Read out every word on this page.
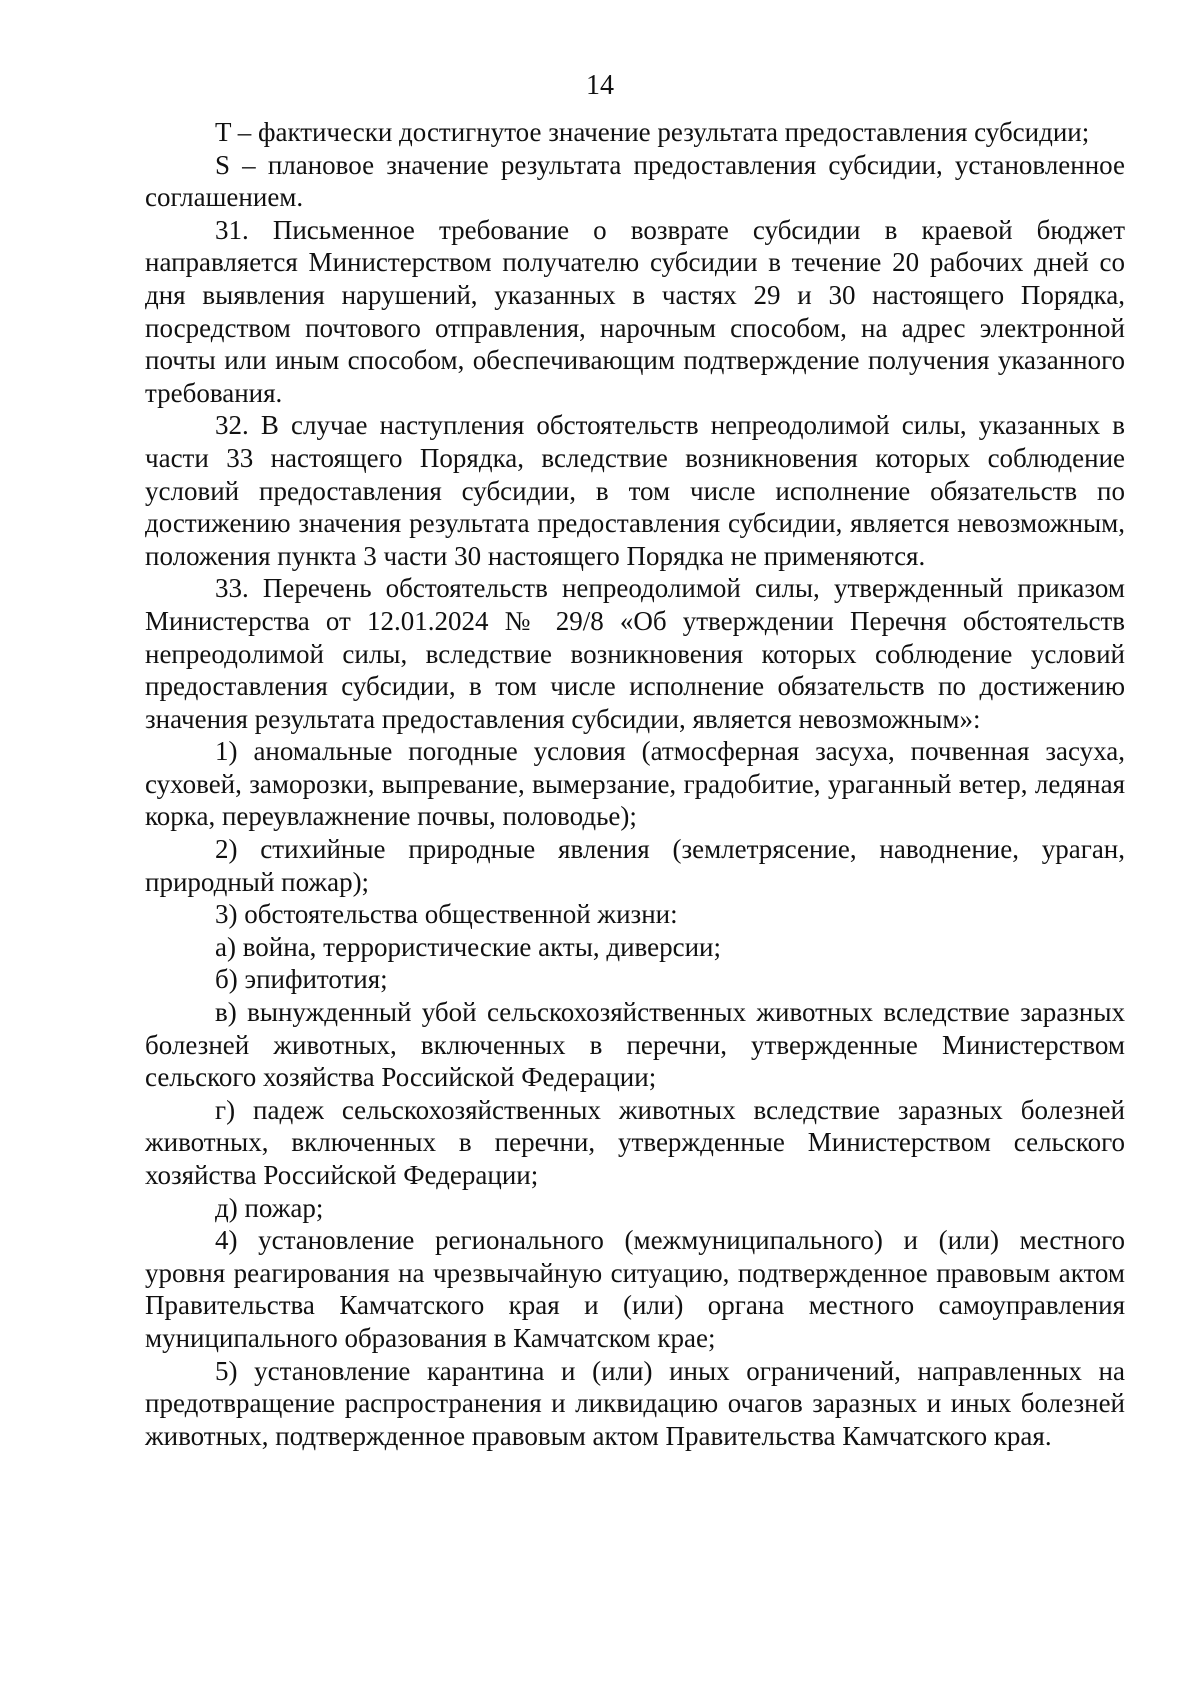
14

T – фактически достигнутое значение результата предоставления субсидии;

S – плановое значение результата предоставления субсидии, установленное соглашением.

31. Письменное требование о возврате субсидии в краевой бюджет направляется Министерством получателю субсидии в течение 20 рабочих дней со дня выявления нарушений, указанных в частях 29 и 30 настоящего Порядка, посредством почтового отправления, нарочным способом, на адрес электронной почты или иным способом, обеспечивающим подтверждение получения указанного требования.

32. В случае наступления обстоятельств непреодолимой силы, указанных в части 33 настоящего Порядка, вследствие возникновения которых соблюдение условий предоставления субсидии, в том числе исполнение обязательств по достижению значения результата предоставления субсидии, является невозможным, положения пункта 3 части 30 настоящего Порядка не применяются.

33. Перечень обстоятельств непреодолимой силы, утвержденный приказом Министерства от 12.01.2024 № 29/8 «Об утверждении Перечня обстоятельств непреодолимой силы, вследствие возникновения которых соблюдение условий предоставления субсидии, в том числе исполнение обязательств по достижению значения результата предоставления субсидии, является невозможным»:

1) аномальные погодные условия (атмосферная засуха, почвенная засуха, суховей, заморозки, выпревание, вымерзание, градобитие, ураганный ветер, ледяная корка, переувлажнение почвы, половодье);

2) стихийные природные явления (землетрясение, наводнение, ураган, природный пожар);

3) обстоятельства общественной жизни:

а) война, террористические акты, диверсии;

б) эпифитотия;

в) вынужденный убой сельскохозяйственных животных вследствие заразных болезней животных, включенных в перечни, утвержденные Министерством сельского хозяйства Российской Федерации;

г) падеж сельскохозяйственных животных вследствие заразных болезней животных, включенных в перечни, утвержденные Министерством сельского хозяйства Российской Федерации;

д) пожар;

4) установление регионального (межмуниципального) и (или) местного уровня реагирования на чрезвычайную ситуацию, подтвержденное правовым актом Правительства Камчатского края и (или) органа местного самоуправления муниципального образования в Камчатском крае;

5) установление карантина и (или) иных ограничений, направленных на предотвращение распространения и ликвидацию очагов заразных и иных болезней животных, подтвержденное правовым актом Правительства Камчатского края.
